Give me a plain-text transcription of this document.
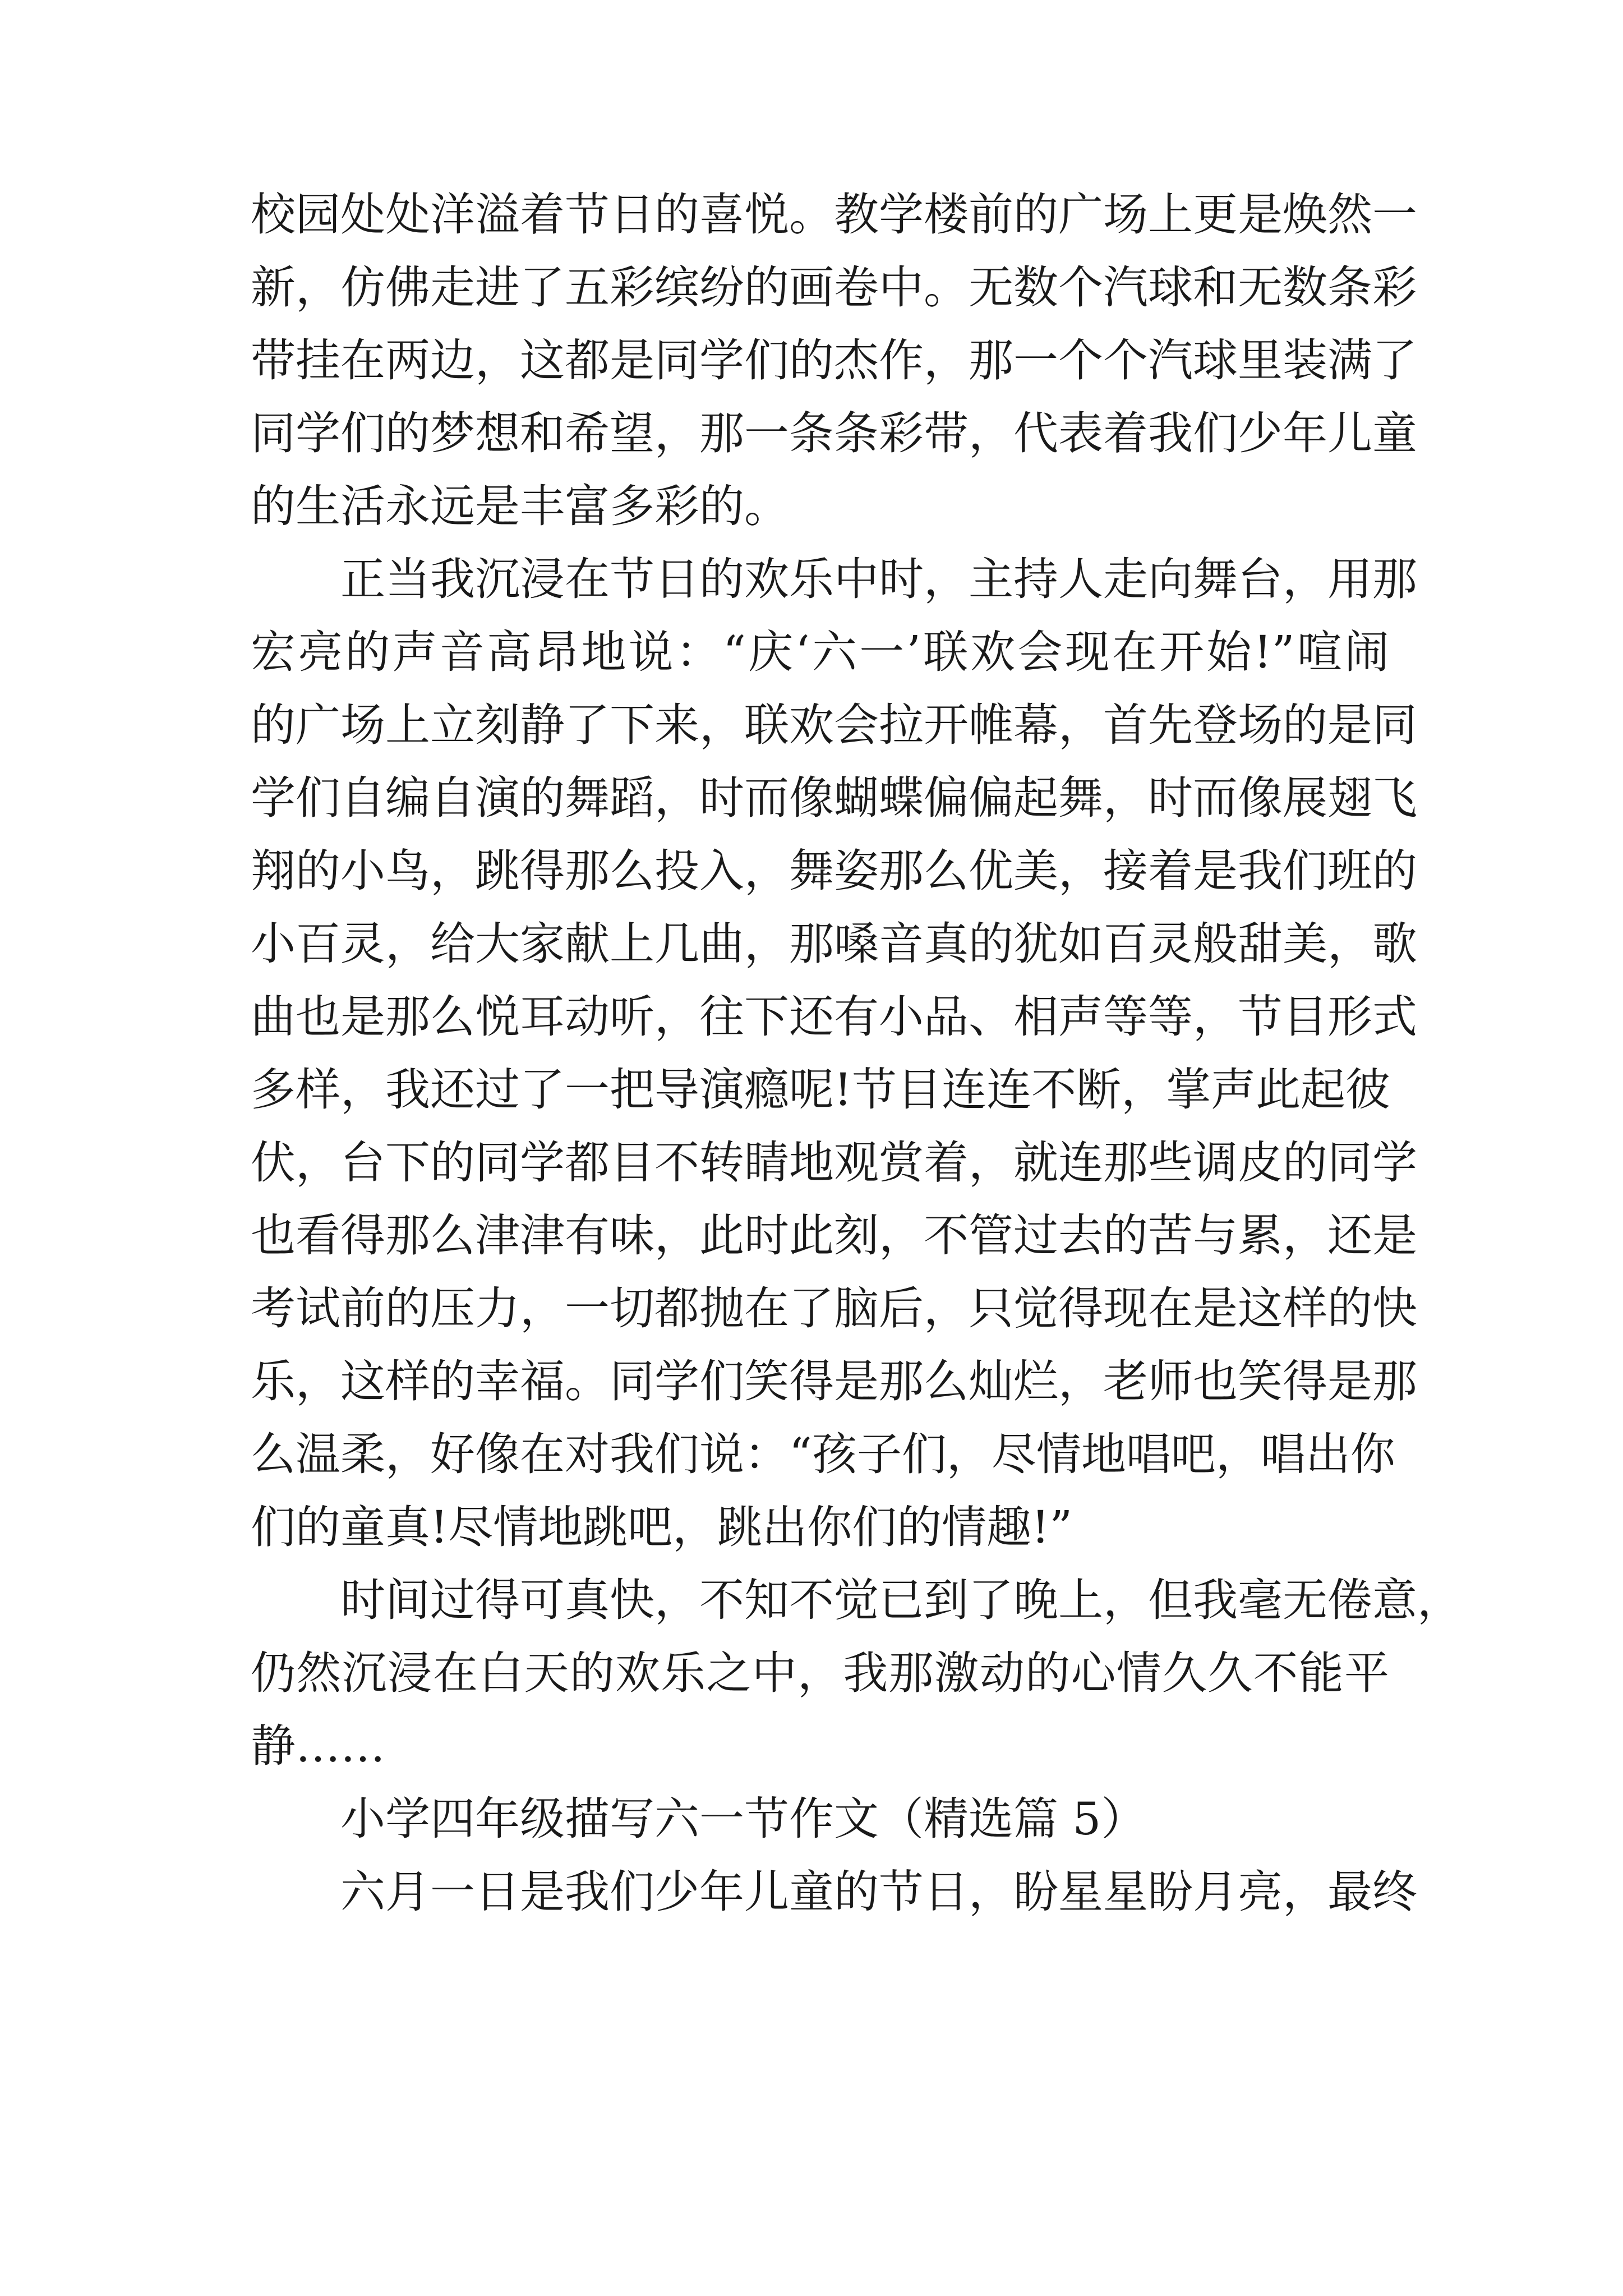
校园处处洋溢着节日的喜悦。教学楼前的广场上更是焕然一
新，仿佛走进了五彩缤纷的画卷中。无数个汽球和无数条彩
带挂在两边，这都是同学们的杰作，那一个个汽球里装满了
同学们的梦想和希望，那一条条彩带，代表着我们少年儿童
的生活永远是丰富多彩的。
正当我沉浸在节日的欢乐中时，主持人走向舞台，用那
宏亮的声音高昂地说：“庆‘六一’联欢会现在开始!”喧闹
的广场上立刻静了下来，联欢会拉开帷幕，首先登场的是同
学们自编自演的舞蹈，时而像蝴蝶偏偏起舞，时而像展翅飞
翔的小鸟，跳得那么投入，舞姿那么优美，接着是我们班的
小百灵，给大家献上几曲，那嗓音真的犹如百灵般甜美，歌
曲也是那么悦耳动听，往下还有小品、相声等等，节目形式
多样，我还过了一把导演瘾呢!节目连连不断，掌声此起彼
伏，台下的同学都目不转睛地观赏着，就连那些调皮的同学
也看得那么津津有味，此时此刻，不管过去的苦与累，还是
考试前的压力，一切都抛在了脑后，只觉得现在是这样的快
乐，这样的幸福。同学们笑得是那么灿烂，老师也笑得是那
么温柔，好像在对我们说：“孩子们，尽情地唱吧，唱出你
们的童真!尽情地跳吧，跳出你们的情趣!”
时间过得可真快，不知不觉已到了晚上，但我毫无倦意，
仍然沉浸在白天的欢乐之中，我那激动的心情久久不能平
静……
小学四年级描写六一节作文（精选篇 5）
六月一日是我们少年儿童的节日，盼星星盼月亮，最终
